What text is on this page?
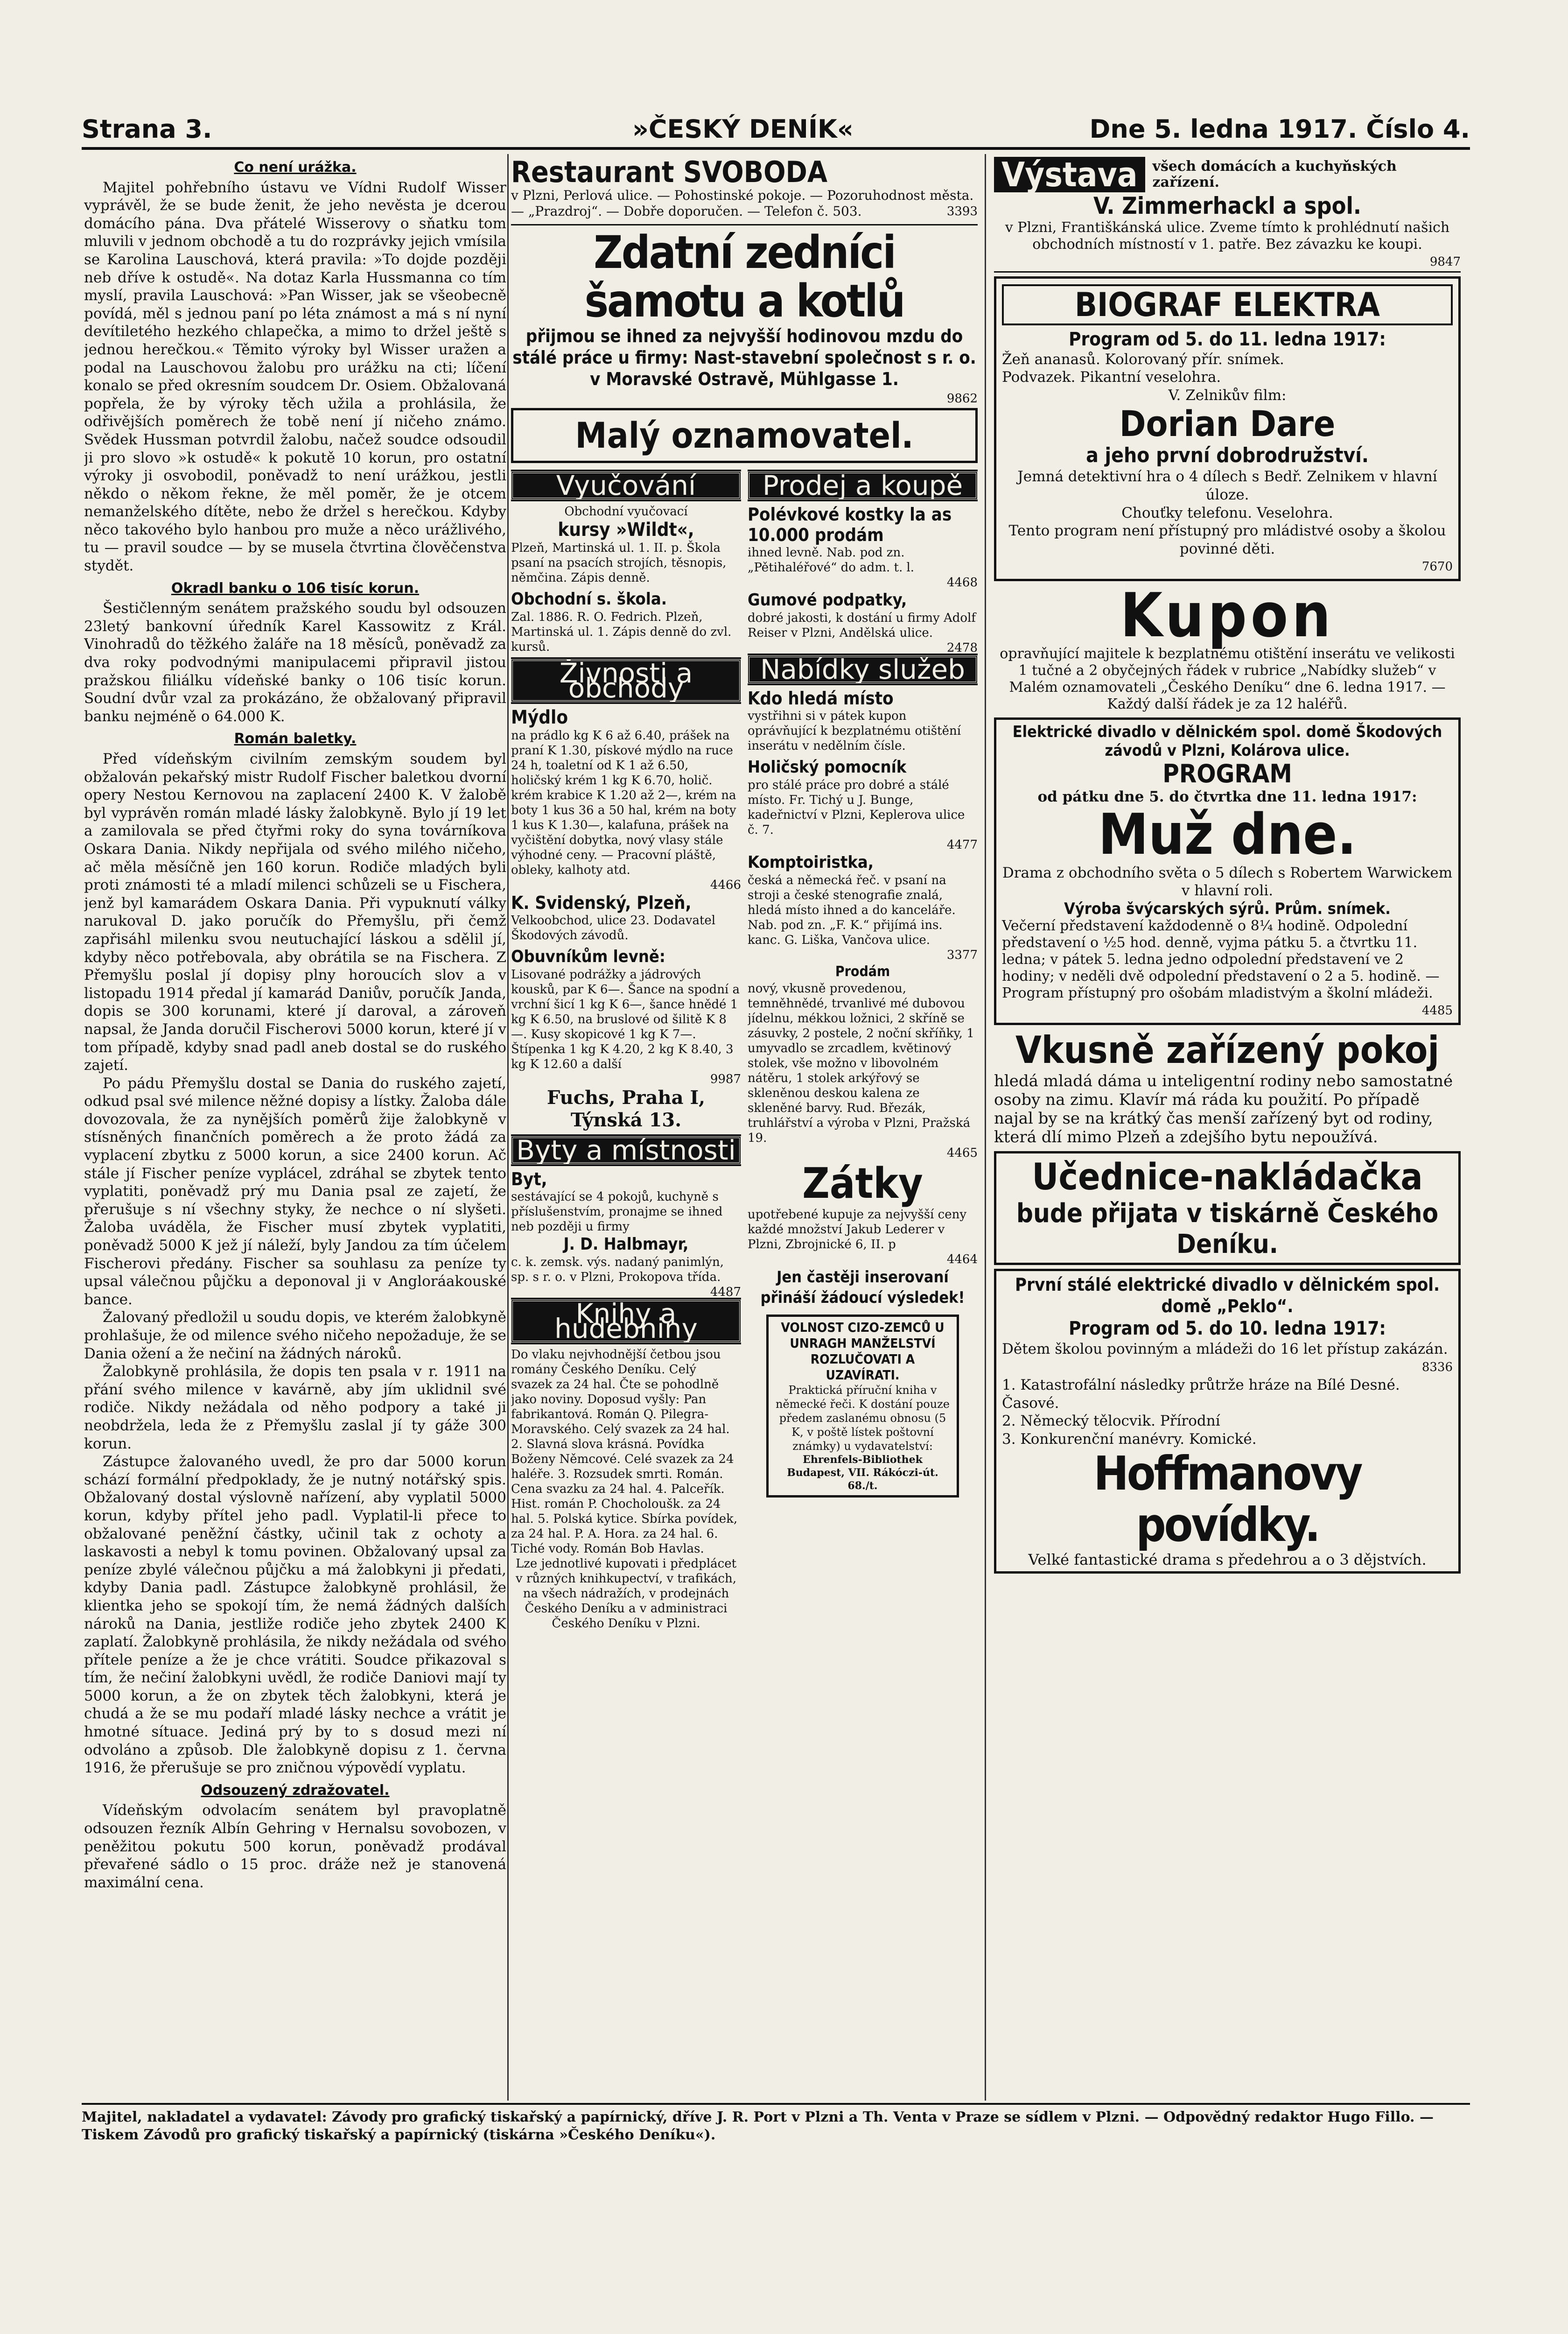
Strana 3.	»ČESKÝ DENÍK«	Dne 5. ledna 1917. Číslo 4.
Co není urážka.

Majitel pohřebního ústavu ve Vídni Rudolf Wisser vyprávěl, že se bude ženit, že jeho nevěsta je dcerou domácího pána. Dva přátelé Wisserovy o sňatku tom mluvili v jednom obchodě a tu do rozprávky jejich vmísila se Karolina Lauschová, která pravila: »To dojde později neb dříve k ostudě«. Na dotaz Karla Hussmanna co tím myslí, pravila Lauschová: »Pan Wisser, jak se všeobecně povídá, měl s jednou paní po léta známost a má s ní nyní devítiletého hezkého chlapečka, a mimo to držel ještě s jednou herečkou.« Těmito výroky byl Wisser uražen a podal na Lauschovou žalobu pro urážku na cti; líčení konalo se před okresním soudcem Dr. Osiem. Obžalovaná popřela, že by výroky těch užila a prohlásila, že odřivějších poměrech že tobě není jí ničeho známo. Svědek Hussman potvrdil žalobu, načež soudce odsoudil ji pro slovo »k ostudě« k pokutě 10 korun, pro ostatní výroky ji osvobodil, poněvadž to není urážkou, jestli někdo o někom řekne, že měl poměr, že je otcem nemanželského dítěte, nebo že držel s herečkou. Kdyby něco takového bylo hanbou pro muže a něco urážlivého, tu — pravil soudce — by se musela čtvrtina člověčenstva stydět.

Okradl banku o 106 tisíc korun.

Šestičlenným senátem pražského soudu byl odsouzen 23letý bankovní úředník Karel Kassowitz z Král. Vinohradů do těžkého žaláře na 18 měsíců, poněvadž za dva roky podvodnými manipulacemi připravil jistou pražskou filiálku vídeňské banky o 106 tisíc korun. Soudní dvůr vzal za prokázáno, že obžalovaný připravil banku nejméně o 64.000 K.

Román baletky.

Před vídeňským civilním zemským soudem byl obžalován pekařský mistr Rudolf Fischer baletkou dvorní opery Nestou Kernovou na zaplacení 2400 K. V žalobě byl vyprávěn román mladé lásky žalobkyně. Bylo jí 19 let a zamilovala se před čtyřmi roky do syna továrníkova Oskara Dania. Nikdy nepřijala od svého milého ničeho, ač měla měsíčně jen 160 korun. Rodiče mladých byli proti známosti té a mladí milenci schůzeli se u Fischera, jenž byl kamarádem Oskara Dania. Při vypuknutí války narukoval D. jako poručík do Přemyšlu, při čemž zapřisáhl milenku svou neutuchající láskou a sdělil jí, kdyby něco potřebovala, aby obrátila se na Fischera. Z Přemyšlu poslal jí dopisy plny horoucích slov a v listopadu 1914 předal jí kamarád Daniův, poručík Janda, dopis se 300 korunami, které jí daroval, a zároveň napsal, že Janda doručil Fischerovi 5000 korun, které jí v tom případě, kdyby snad padl aneb dostal se do ruského zajetí.

Po pádu Přemyšlu dostal se Dania do ruského zajetí, odkud psal své milence něžné dopisy a lístky. Žaloba dále dovozovala, že za nynějších poměrů žije žalobkyně v stísněných finančních poměrech a že proto žádá za vyplacení zbytku z 5000 korun, a sice 2400 korun. Ač stále jí Fischer peníze vyplácel, zdráhal se zbytek tento vyplatiti, poněvadž prý mu Dania psal ze zajetí, že přerušuje s ní všechny styky, že nechce o ní slyšeti. Žaloba uváděla, že Fischer musí zbytek vyplatiti, poněvadž 5000 K jež jí náleží, byly Jandou za tím účelem Fischerovi předány. Fischer sa souhlasu za peníze ty upsal válečnou půjčku a deponoval ji v Angloráakouské bance.

Žalovaný předložil u soudu dopis, ve kterém žalobkyně prohlašuje, že od milence svého ničeho nepožaduje, že se Dania ožení a že nečiní na žádných nároků.

Žalobkyně prohlásila, že dopis ten psala v r. 1911 na přání svého milence v kavárně, aby jím uklidnil své rodiče. Nikdy nežádala od něho podpory a také ji neobdržela, leda že z Přemyšlu zaslal jí ty gáže 300 korun.

Zástupce žalovaného uvedl, že pro dar 5000 korun schází formální předpoklady, že je nutný notářský spis. Obžalovaný dostal výslovně nařízení, aby vyplatil 5000 korun, kdyby přítel jeho padl. Vyplatil-li přece to obžalované peněžní částky, učinil tak z ochoty a laskavosti a nebyl k tomu povinen. Obžalovaný upsal za peníze zbylé válečnou půjčku a má žalobkyni ji předati, kdyby Dania padl. Zástupce žalobkyně prohlásil, že klientka jeho se spokojí tím, že nemá žádných dalších nároků na Dania, jestliže rodiče jeho zbytek 2400 K zaplatí. Žalobkyně prohlásila, že nikdy nežádala od svého přítele peníze a že je chce vrátiti. Soudce přikazoval s tím, že nečiní žalobkyni uvědl, že rodiče Daniovi mají ty 5000 korun, a že on zbytek těch žalobkyni, která je chudá a že se mu podaří mladé lásky nechce a vrátit je hmotné sítuace. Jediná prý by to s dosud mezi ní odvoláno a způsob. Dle žalobkyně dopisu z 1. června 1916, že přerušuje se pro zničnou výpovědí vyplatu.

Odsouzený zdražovatel.

Vídeňským odvolacím senátem byl pravoplatně odsouzen řezník Albín Gehring v Hernalsu sovobozen, v peněžitou pokutu 500 korun, poněvadž prodával převařené sádlo o 15 proc. dráže než je stanovená maximální cena.

Restaurant SVOBODA
v Plzni, Perlová ulice. — Pohostinské pokoje. — Pozoruhodnost města. — „Prazdroj“. — Dobře doporučen. — Telefon č. 503.	3393
Zdatní zedníci šamotu a kotlů
přijmou se ihned za nejvyšší hodinovou mzdu do stálé práce u firmy: Nast-stavební společnost s r. o. v Moravské Ostravě, Mühlgasse 1.
9862
Malý oznamovatel.
Vyučování
Obchodní vyučovací
kursy »Wildt«,
Plzeň, Martinská ul. 1. II. p. Škola psaní na psacích strojích, těsnopis, němčina. Zápis denně.
Obchodní s. škola.
Zal. 1886. R. O. Fedrich. Plzeň, Martinská ul. 1. Zápis denně do zvl. kursů.
Živnosti a obchody
Mýdlo
na prádlo kg K 6 až 6.40, prášek na praní K 1.30, pískové mýdlo na ruce 24 h, toaletní od K 1 až 6.50, holičský krém 1 kg K 6.70, holič. krém krabice K 1.20 až 2—, krém na boty 1 kus 36 a 50 hal, krém na boty 1 kus K 1.30—, kalafuna, prášek na vyčištění dobytka, nový vlasy stále výhodné ceny. — Pracovní pláště, obleky, kalhoty atd.
4466
K. Svidenský, Plzeň,
Velkoobchod, ulice 23. Dodavatel Škodových závodů.
Obuvníkům levně:
Lisované podrážky a jádrových kousků, par K 6—. Šance na spodní a vrchní šicí 1 kg K 6—, šance hnědé 1 kg K 6.50, na bruslové od šilitě K 8—. Kusy skopicové 1 kg K 7—. Štípenka 1 kg K 4.20, 2 kg K 8.40, 3 kg K 12.60 a další
9987
Fuchs, Praha I, Týnská 13.
Byty a místnosti
Byt,
sestávající se 4 pokojů, kuchyně s příslušenstvím, pronajme se ihned neb později u firmy
J. D. Halbmayr,
c. k. zemsk. výs. nadaný panimlýn, sp. s r. o. v Plzni, Prokopova třída.
4487
Knihy a hudebniny
Do vlaku nejvhodnější četbou jsou romány Českého Deníku. Celý svazek za 24 hal. Čte se pohodlně jako noviny. Doposud vyšly: Pan fabrikantová. Román Q. Pilegra-Moravského. Celý svazek za 24 hal. 2. Slavná slova krásná. Povídka Boženy Němcové. Celé svazek za 24 haléře. 3. Rozsudek smrti. Román. Cena svazku za 24 hal. 4. Palceřík. Hist. román P. Chocholoušk. za 24 hal. 5. Polská kytice. Sbírka povídek, za 24 hal. P. A. Hora. za 24 hal. 6. Tiché vody. Román Bob Havlas.
Lze jednotlivé kupovati i předplácet v různých knihkupectví, v trafikách, na všech nádražích, v prodejnách Českého Deníku a v administraci Českého Deníku v Plzni.
Prodej a koupě
Polévkové kostky la as 10.000 prodám
ihned levně. Nab. pod zn. „Pětihaléřové“ do adm. t. l.
4468
Gumové podpatky,
dobré jakosti, k dostání u firmy Adolf Reiser v Plzni, Andělská ulice.
2478
Nabídky služeb
Kdo hledá místo
vystřihni si v pátek kupon oprávňující k bezplatnému otištění inserátu v nedělním čísle.
Holičský pomocník
pro stálé práce pro dobré a stálé místo. Fr. Tichý u J. Bunge, kadeřnictví v Plzni, Keplerova ulice č. 7.
4477
Komptoiristka,
česká a německá řeč. v psaní na stroji a české stenografie znalá, hledá místo ihned a do kanceláře. Nab. pod zn. „F. K.“ přijímá ins. kanc. G. Liška, Vančova ulice.
3377
Prodám
nový, vkusně provedenou, temněhnědé, trvanlivé mé dubovou jídelnu, mékkou ložnici, 2 skříně se zásuvky, 2 postele, 2 noční skříňky, 1 umyvadlo se zrcadlem, květinový stolek, vše možno v libovolném nátěru, 1 stolek arkýřový se skleněnou deskou kalena ze skleněné barvy. Rud. Březák, truhlářství a výroba v Plzni, Pražská 19.
4465
Zátky
upotřebené kupuje za nejvyšší ceny každé množství Jakub Lederer v Plzni, Zbrojnické 6, II. p
4464
Jen častěji inserovaní přináší žádoucí výsledek!
VOLNOST CIZO-ZEMCŮ U UNRAGH MANŽELSTVÍ ROZLUČOVATI A UZAVÍRATI.
Praktická příruční kniha v německé řeči. K dostání pouze předem zaslanému obnosu (5 K, v poště lístek poštovní známky) u vydavatelství:
Ehrenfels-Bibliothek Budapest, VII. Rákóczi-út. 68./t.
Výstava	všech domácích a kuchyňských zařízení.
V. Zimmerhackl a spol.
v Plzni, Františkánská ulice. Zveme tímto k prohlédnutí našich obchodních místností v 1. patře. Bez závazku ke koupi.
9847
BIOGRAF ELEKTRA
Program od 5. do 11. ledna 1917:
Žeň ananasů. Kolorovaný přír. snímek.
Podvazek. Pikantní veselohra.
V. Zelnikův film:
Dorian Dare
a jeho první dobrodružství.
Jemná detektivní hra o 4 dílech s Bedř. Zelnikem v hlavní úloze.
Chouťky telefonu. Veselohra.
Tento program není přístupný pro mládistvé osoby a školou povinné děti.
7670
Kupon
opravňující majitele k bezplatnému otištění inserátu ve velikosti 1 tučné a 2 obyčejných řádek v rubrice „Nabídky služeb“ v Malém oznamovateli „Českého Deníku“ dne 6. ledna 1917. — Každý další řádek je za 12 haléřů.
Elektrické divadlo v dělnickém spol. domě Škodových závodů v Plzni, Kolárova ulice.
PROGRAM
od pátku dne 5. do čtvrtka dne 11. ledna 1917:
Muž dne.
Drama z obchodního světa o 5 dílech s Robertem Warwickem v hlavní roli.
Výroba švýcarských sýrů. Prům. snímek.
Večerní představení každodenně o 8¼ hodině. Odpolední představení o ½5 hod. denně, vyjma pátku 5. a čtvrtku 11. ledna; v pátek 5. ledna jedno odpolední představení ve 2 hodiny; v neděli dvě odpolední představení o 2 a 5. hodině. — Program přístupný pro ošobám mladistvým a školní mládeži.
4485
Vkusně zařízený pokoj
hledá mladá dáma u inteligentní rodiny nebo samostatné osoby na zimu. Klavír má ráda ku použití. Po případě najal by se na krátký čas menší zařízený byt od rodiny, která dlí mimo Plzeň a zdejšího bytu nepoužívá.
Učednice-nakládačka
bude přijata v tiskárně Českého Deníku.
První stálé elektrické divadlo v dělnickém spol. domě „Peklo“.
Program od 5. do 10. ledna 1917:
Dětem školou povinným a mládeži do 16 let přístup zakázán.
8336
1. Katastrofální následky průtrže hráze na Bílé Desné. Časové.
2. Německý tělocvik. Přírodní
3. Konkurenční manévry. Komické.
Hoffmanovy povídky.
Velké fantastické drama s předehrou a o 3 dějstvích.
Majitel, nakladatel a vydavatel: Závody pro grafický tiskařský a papírnický, dříve J. R. Port v Plzni a Th. Venta v Praze se sídlem v Plzni. — Odpovědný redaktor Hugo Fillo. — Tiskem Závodů pro grafický tiskařský a papírnický (tiskárna »Českého Deníku«).
